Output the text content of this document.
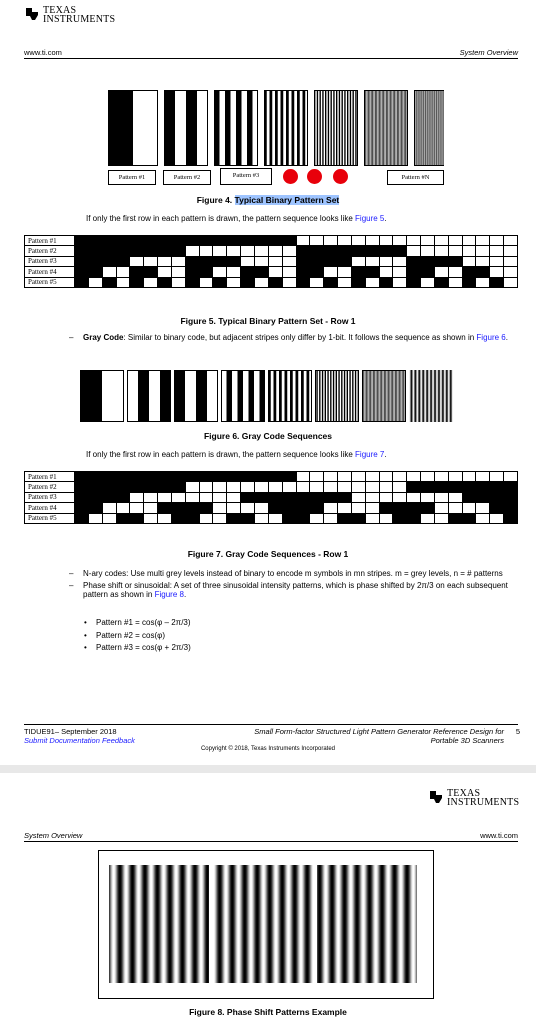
TEXAS
INSTRUMENTS
www.ti.com	System Overview
Pattern #1	Pattern #2	Pattern #3	Pattern #N
Figure 4. Typical Binary Pattern Set
If only the first row in each pattern is drawn, the pattern sequence looks like Figure 5.
Pattern #1																																
Pattern #2																																
Pattern #3																																
Pattern #4																																
Pattern #5																																
Figure 5. Typical Binary Pattern Set - Row 1
– Gray Code: Similar to binary code, but adjacent stripes only differ by 1-bit. It follows the sequence as shown in Figure 6.
Figure 6. Gray Code Sequences
If only the first row in each pattern is drawn, the pattern sequence looks like Figure 7.
Pattern #1																																
Pattern #2																																
Pattern #3																																
Pattern #4																																
Pattern #5																																
Figure 7. Gray Code Sequences - Row 1
– N-ary codes: Use multi grey levels instead of binary to encode m symbols in mn stripes. m = grey levels, n = # patterns
– Phase shift or sinusoidal: A set of three sinusoidal intensity patterns, which is phase shifted by 2π/3 on each subsequent pattern as shown in Figure 8.
• Pattern #1 = cos(φ – 2π/3)
• Pattern #2 = cos(φ)
• Pattern #3 = cos(φ + 2π/3)
TIDUE91– September 2018
Submit Documentation Feedback
Small Form-factor Structured Light Pattern Generator Reference Design for
Portable 3D Scanners
5
Copyright © 2018, Texas Instruments Incorporated
TEXAS
INSTRUMENTS
System Overview	www.ti.com
Figure 8. Phase Shift Patterns Example
